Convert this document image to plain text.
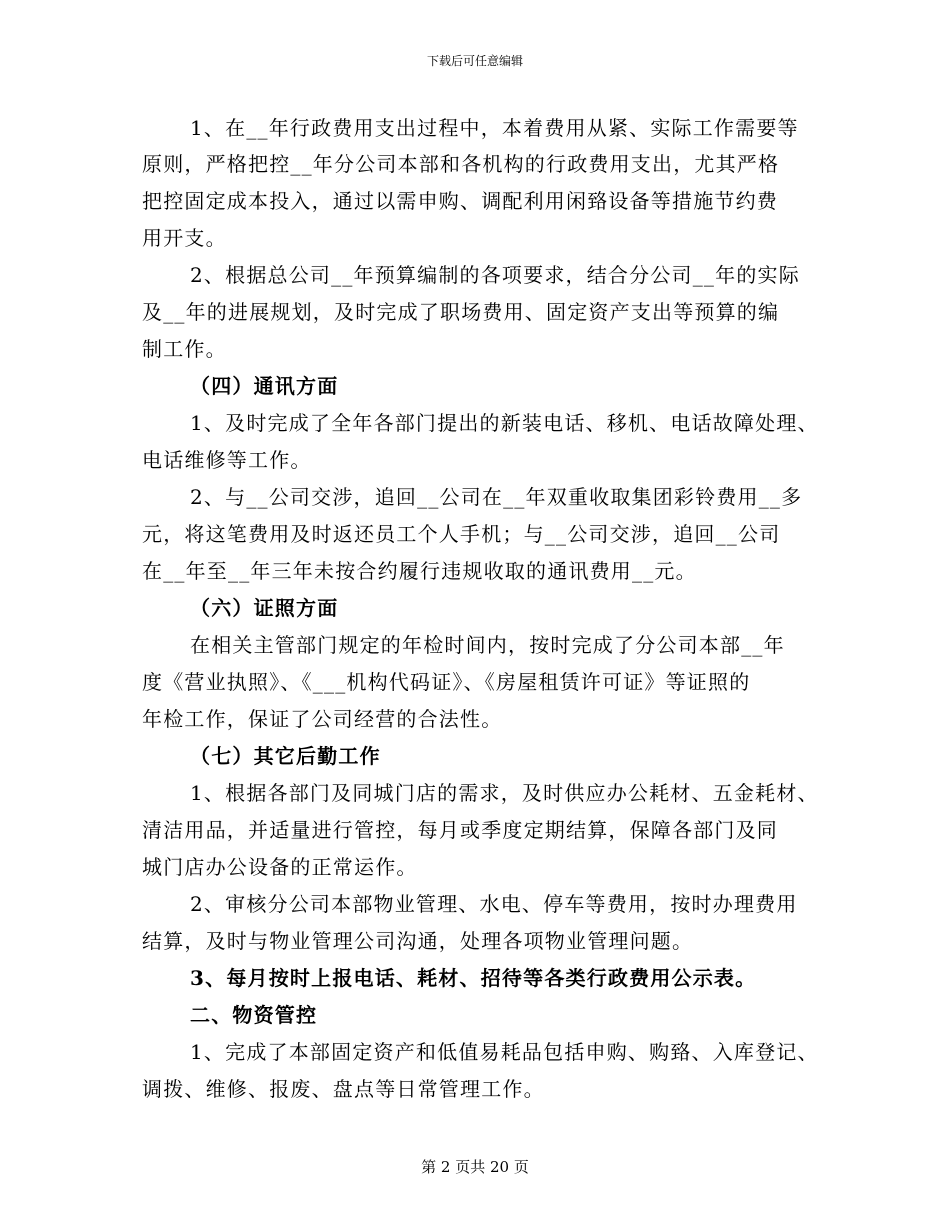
下载后可任意编辑
1、在__年行政费用支出过程中，本着费用从紧、实际工作需要等
原则，严格把控__年分公司本部和各机构的行政费用支出，尤其严格
把控固定成本投入，通过以需申购、调配利用闲臵设备等措施节约费
用开支。
2、根据总公司__年预算编制的各项要求，结合分公司__年的实际
及__年的进展规划，及时完成了职场费用、固定资产支出等预算的编
制工作。
（四）通讯方面
1、及时完成了全年各部门提出的新装电话、移机、电话故障处理、
电话维修等工作。
2、与__公司交涉，追回__公司在__年双重收取集团彩铃费用__多
元，将这笔费用及时返还员工个人手机；与__公司交涉，追回__公司
在__年至__年三年未按合约履行违规收取的通讯费用__元。
（六）证照方面
在相关主管部门规定的年检时间内，按时完成了分公司本部__年
度《营业执照》、《___机构代码证》、《房屋租赁许可证》等证照的
年检工作，保证了公司经营的合法性。
（七）其它后勤工作
1、根据各部门及同城门店的需求，及时供应办公耗材、五金耗材、
清洁用品，并适量进行管控，每月或季度定期结算，保障各部门及同
城门店办公设备的正常运作。
2、审核分公司本部物业管理、水电、停车等费用，按时办理费用
结算，及时与物业管理公司沟通，处理各项物业管理问题。
3、每月按时上报电话、耗材、招待等各类行政费用公示表。
二、物资管控
1、完成了本部固定资产和低值易耗品包括申购、购臵、入库登记、
调拨、维修、报废、盘点等日常管理工作。
第 2 页共 20 页
